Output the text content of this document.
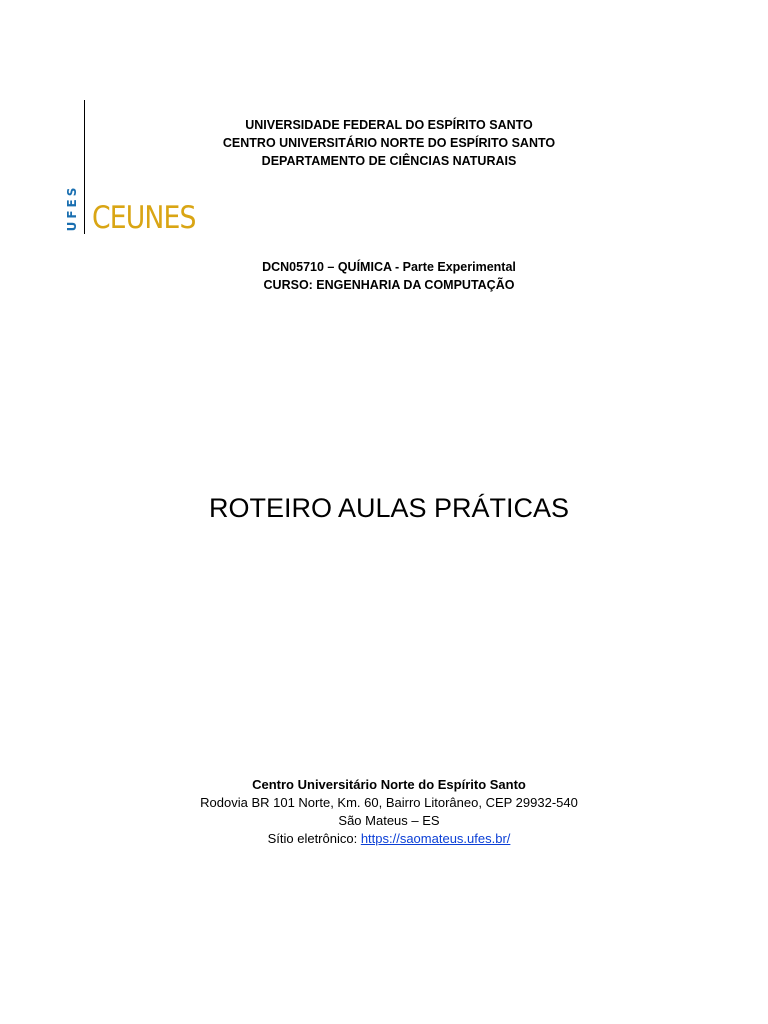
UFES CEUNES
UNIVERSIDADE FEDERAL DO ESPÍRITO SANTO
CENTRO UNIVERSITÁRIO NORTE DO ESPÍRITO SANTO
DEPARTAMENTO DE CIÊNCIAS NATURAIS
DCN05710 – QUÍMICA - Parte Experimental
CURSO: ENGENHARIA DA COMPUTAÇÃO
ROTEIRO AULAS PRÁTICAS
Centro Universitário Norte do Espírito Santo
Rodovia BR 101 Norte, Km. 60, Bairro Litorâneo, CEP 29932-540
São Mateus – ES
Sítio eletrônico: https://saomateus.ufes.br/
